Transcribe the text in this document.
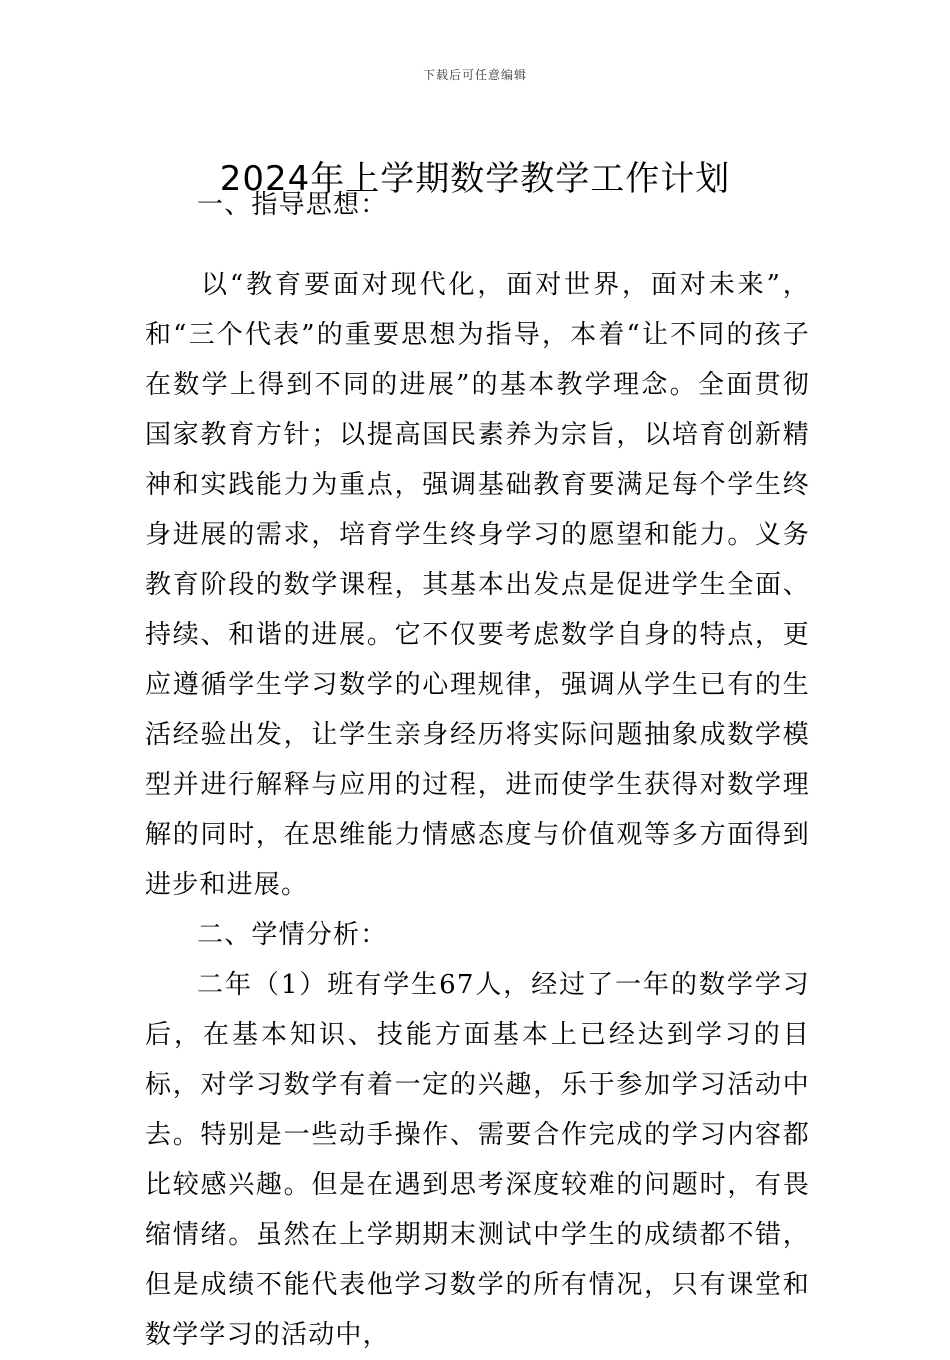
下载后可任意编辑
2024年上学期数学教学工作计划

一、指导思想：

以“教育要面对现代化，面对世界，面对未来”，和“三个代表”的重要思想为指导，本着“让不同的孩子在数学上得到不同的进展”的基本教学理念。全面贯彻国家教育方针；以提高国民素养为宗旨，以培育创新精神和实践能力为重点，强调基础教育要满足每个学生终身进展的需求，培育学生终身学习的愿望和能力。义务教育阶段的数学课程，其基本出发点是促进学生全面、持续、和谐的进展。它不仅要考虑数学自身的特点，更应遵循学生学习数学的心理规律，强调从学生已有的生活经验出发，让学生亲身经历将实际问题抽象成数学模型并进行解释与应用的过程，进而使学生获得对数学理解的同时，在思维能力情感态度与价值观等多方面得到进步和进展。

二、学情分析：

二年（1）班有学生67人，经过了一年的数学学习后，在基本知识、技能方面基本上已经达到学习的目标，对学习数学有着一定的兴趣，乐于参加学习活动中去。特别是一些动手操作、需要合作完成的学习内容都比较感兴趣。但是在遇到思考深度较难的问题时，有畏缩情绪。虽然在上学期期末测试中学生的成绩都不错，但是成绩不能代表他学习数学的所有情况，只有课堂和数学学习的活动中，
